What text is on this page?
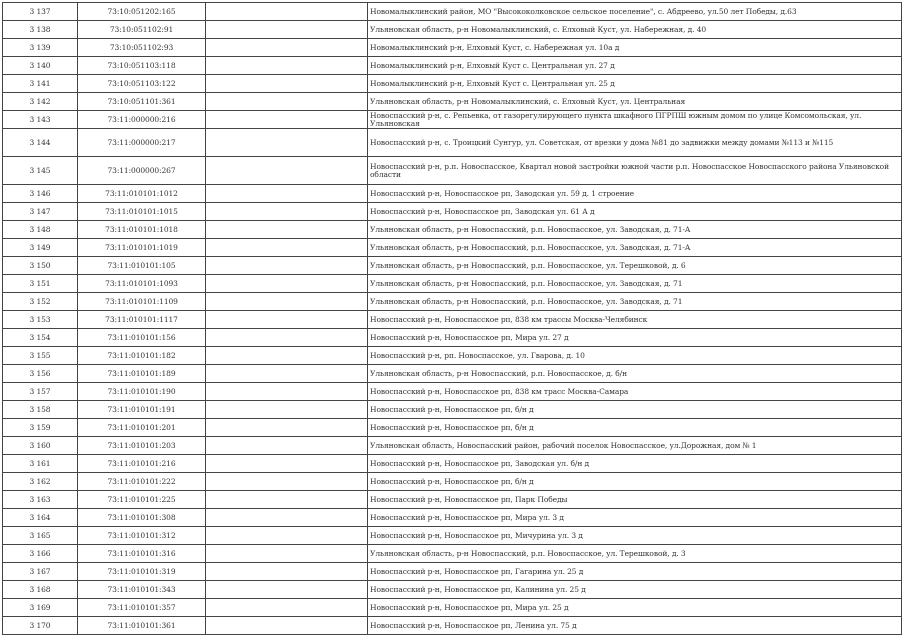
3 137	73:10:051202:165		Новомалыклинский район, МО "Высококолковское сельское поселение", с. Абдреево, ул.50 лет Победы, д.63
3 138	73:10:051102:91		Ульяновская область, р-н Новомалыклинский, с. Елховый Куст, ул. Набережная, д. 40
3 139	73:10:051102:93		Новомалыклинский р-н, Елховый Куст, с. Набережная ул. 10а д
3 140	73:10:051103:118		Новомалыклинский р-н, Елховый Куст с. Центральная ул. 27 д
3 141	73:10:051103:122		Новомалыклинский р-н, Елховый Куст с. Центральная ул. 25 д
3 142	73:10:051101:361		Ульяновская область, р-н Новомалыклинский, с. Елховый Куст, ул. Центральная
3 143	73:11:000000:216		Новоспасский р-н, с. Репьевка, от газорегулирующего пункта шкафного ПГРПШ южным домом по улице Комсомольская, ул. Ульяновская
3 144	73:11:000000:217		Новоспасский р-н, с. Троицкий Сунгур, ул. Советская, от врезки у дома №81 до задвижки между домами №113 и №115
3 145	73:11:000000:267		Новоспасский р-н, р.п. Новоспасское, Квартал новой застройки южной части р.п. Новоспасское Новоспасского района Ульяновской области
3 146	73:11:010101:1012		Новоспасский р-н, Новоспасское рп, Заводская ул. 59 д. 1 строение
3 147	73:11:010101:1015		Новоспасский р-н, Новоспасское рп, Заводская ул. 61 А д
3 148	73:11:010101:1018		Ульяновская область, р-н Новоспасский, р.п. Новоспасское, ул. Заводская, д. 71-А
3 149	73:11:010101:1019		Ульяновская область, р-н Новоспасский, р.п. Новоспасское, ул. Заводская, д. 71-А
3 150	73:11:010101:105		Ульяновская область, р-н Новоспасский, р.п. Новоспасское, ул. Терешковой, д. 6
3 151	73:11:010101:1093		Ульяновская область, р-н Новоспасский, р.п. Новоспасское, ул. Заводская, д. 71
3 152	73:11:010101:1109		Ульяновская область, р-н Новоспасский, р.п. Новоспасское, ул. Заводская, д. 71
3 153	73:11:010101:1117		Новоспасский р-н, Новоспасское рп, 838 км трассы Москва-Челябинск
3 154	73:11:010101:156		Новоспасский р-н, Новоспасское рп, Мира ул. 27 д
3 155	73:11:010101:182		Новоспасский р-н, рп. Новоспасское, ул. Гварова, д. 10
3 156	73:11:010101:189		Ульяновская область, р-н Новоспасский, р.п. Новоспасское, д. б/н
3 157	73:11:010101:190		Новоспасский р-н, Новоспасское рп, 838 км трасс Москва-Самара
3 158	73:11:010101:191		Новоспасский р-н, Новоспасское рп, б/н д
3 159	73:11:010101:201		Новоспасский р-н, Новоспасское рп, б/н д
3 160	73:11:010101:203		Ульяновская область, Новоспасский район, рабочий поселок Новоспасское, ул.Дорожная, дом № 1
3 161	73:11:010101:216		Новоспасский р-н, Новоспасское рп, Заводская ул. б/н д
3 162	73:11:010101:222		Новоспасский р-н, Новоспасское рп, б/н д
3 163	73:11:010101:225		Новоспасский р-н, Новоспасское рп, Парк Победы
3 164	73:11:010101:308		Новоспасский р-н, Новоспасское рп, Мира ул. 3 д
3 165	73:11:010101:312		Новоспасский р-н, Новоспасское рп, Мичурина ул. 3 д
3 166	73:11:010101:316		Ульяновская область, р-н Новоспасский, р.п. Новоспасское, ул. Терешковой, д. 3
3 167	73:11:010101:319		Новоспасский р-н, Новоспасское рп, Гагарина ул. 25 д
3 168	73:11:010101:343		Новоспасский р-н, Новоспасское рп, Калинина ул. 25 д
3 169	73:11:010101:357		Новоспасский р-н, Новоспасское рп, Мира ул. 25 д
3 170	73:11:010101:361		Новоспасский р-н, Новоспасское рп, Ленина ул. 75 д
